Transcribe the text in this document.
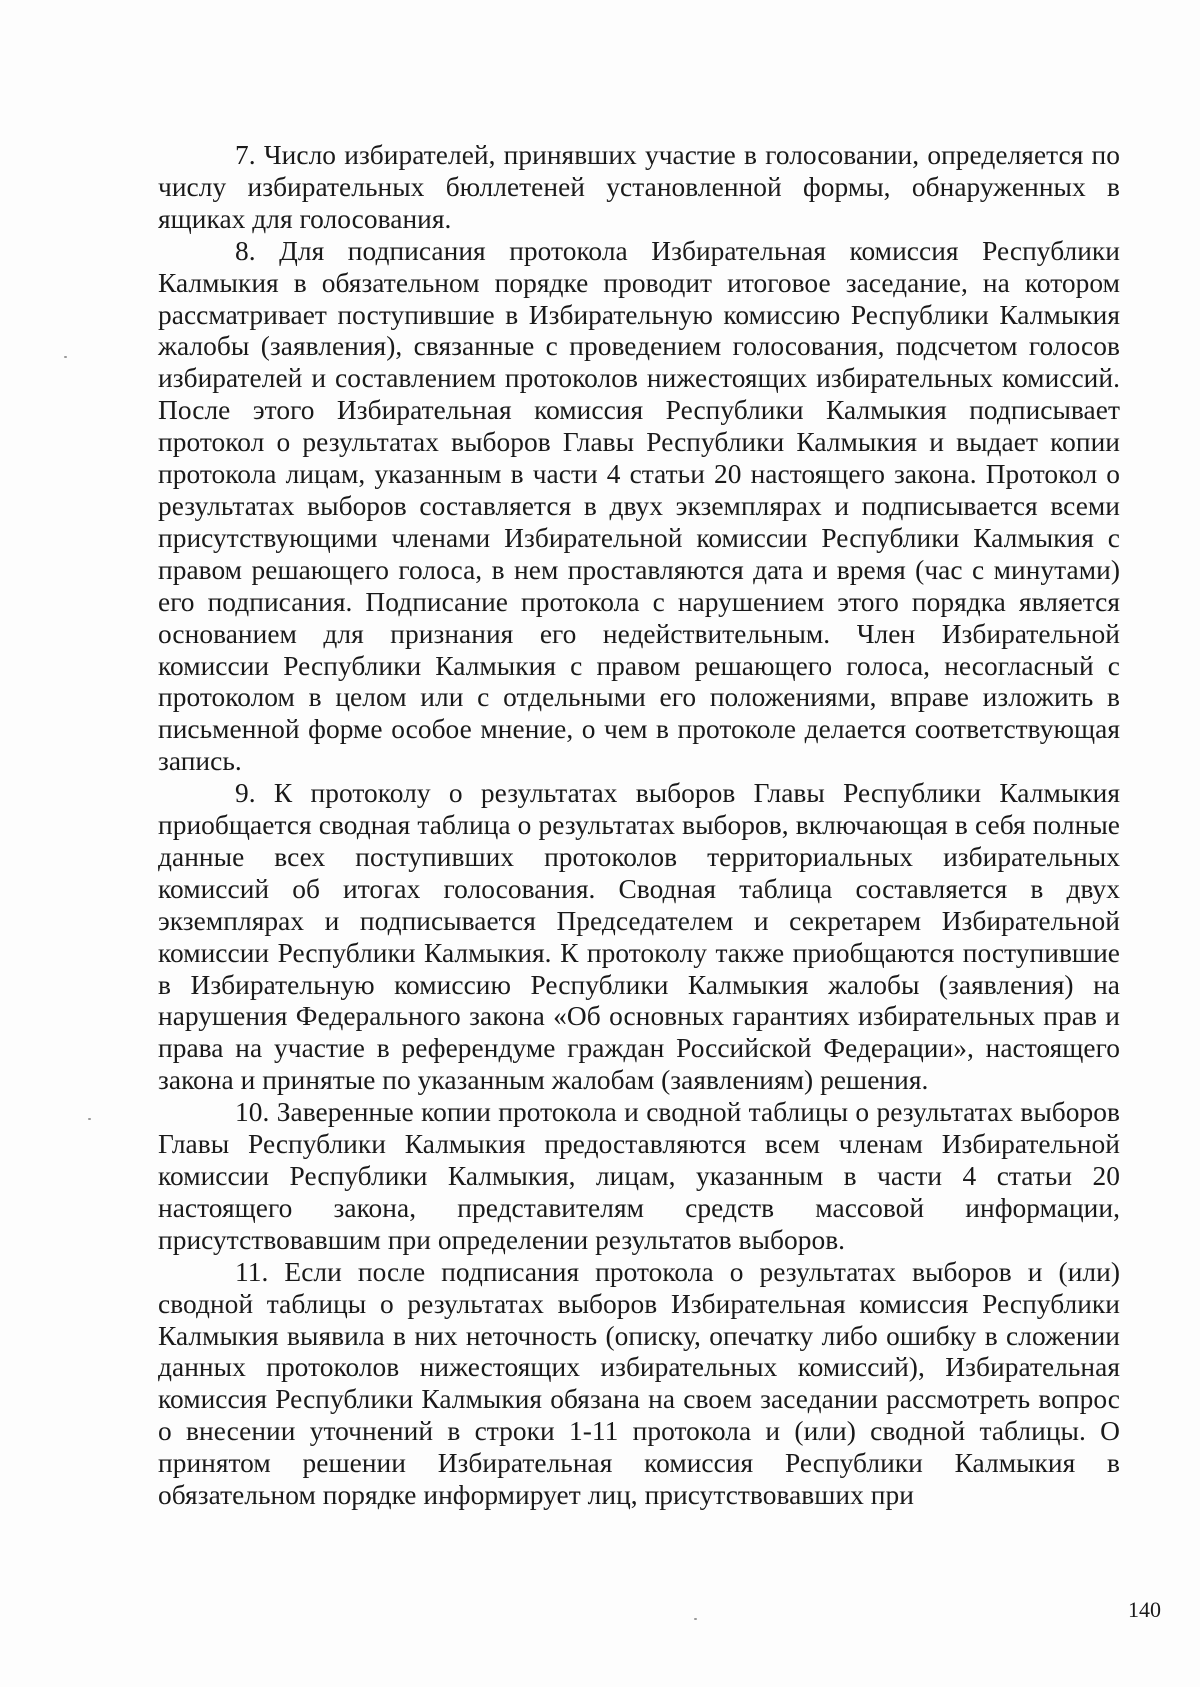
7. Число избирателей, принявших участие в голосовании, определяется по числу избирательных бюллетеней установленной формы, обнаруженных в ящиках для голосования.

8. Для подписания протокола Избирательная комиссия Республики Калмыкия в обязательном порядке проводит итоговое заседание, на котором рассматривает поступившие в Избирательную комиссию Республики Калмыкия жалобы (заявления), связанные с проведением голосования, подсчетом голосов избирателей и составлением протоколов нижестоящих избирательных комиссий. После этого Избирательная комиссия Республики Калмыкия подписывает протокол о результатах выборов Главы Республики Калмыкия и выдает копии протокола лицам, указанным в части 4 статьи 20 настоящего закона. Протокол о результатах выборов составляется в двух экземплярах и подписывается всеми присутствующими членами Избирательной комиссии Республики Калмыкия с правом решающего голоса, в нем проставляются дата и время (час с минутами) его подписания. Подписание протокола с нарушением этого порядка является основанием для признания его недействительным. Член Избирательной комиссии Республики Калмыкия с правом решающего голоса, несогласный с протоколом в целом или с отдельными его положениями, вправе изложить в письменной форме особое мнение, о чем в протоколе делается соответствующая запись.

9. К протоколу о результатах выборов Главы Республики Калмыкия приобщается сводная таблица о результатах выборов, включающая в себя полные данные всех поступивших протоколов территориальных избирательных комиссий об итогах голосования. Сводная таблица составляется в двух экземплярах и подписывается Председателем и секретарем Избирательной комиссии Республики Калмыкия. К протоколу также приобщаются поступившие в Избирательную комиссию Республики Калмыкия жалобы (заявления) на нарушения Федерального закона «Об основных гарантиях избирательных прав и права на участие в референдуме граждан Российской Федерации», настоящего закона и принятые по указанным жалобам (заявлениям) решения.

10. Заверенные копии протокола и сводной таблицы о результатах выборов Главы Республики Калмыкия предоставляются всем членам Избирательной комиссии Республики Калмыкия, лицам, указанным в части 4 статьи 20 настоящего закона, представителям средств массовой информации, присутствовавшим при определении результатов выборов.

11. Если после подписания протокола о результатах выборов и (или) сводной таблицы о результатах выборов Избирательная комиссия Республики Калмыкия выявила в них неточность (описку, опечатку либо ошибку в сложении данных протоколов нижестоящих избирательных комиссий), Избирательная комиссия Республики Калмыкия обязана на своем заседании рассмотреть вопрос о внесении уточнений в строки 1-11 протокола и (или) сводной таблицы. О принятом решении Избирательная комиссия Республики Калмыкия в обязательном порядке информирует лиц, присутствовавших при

140
